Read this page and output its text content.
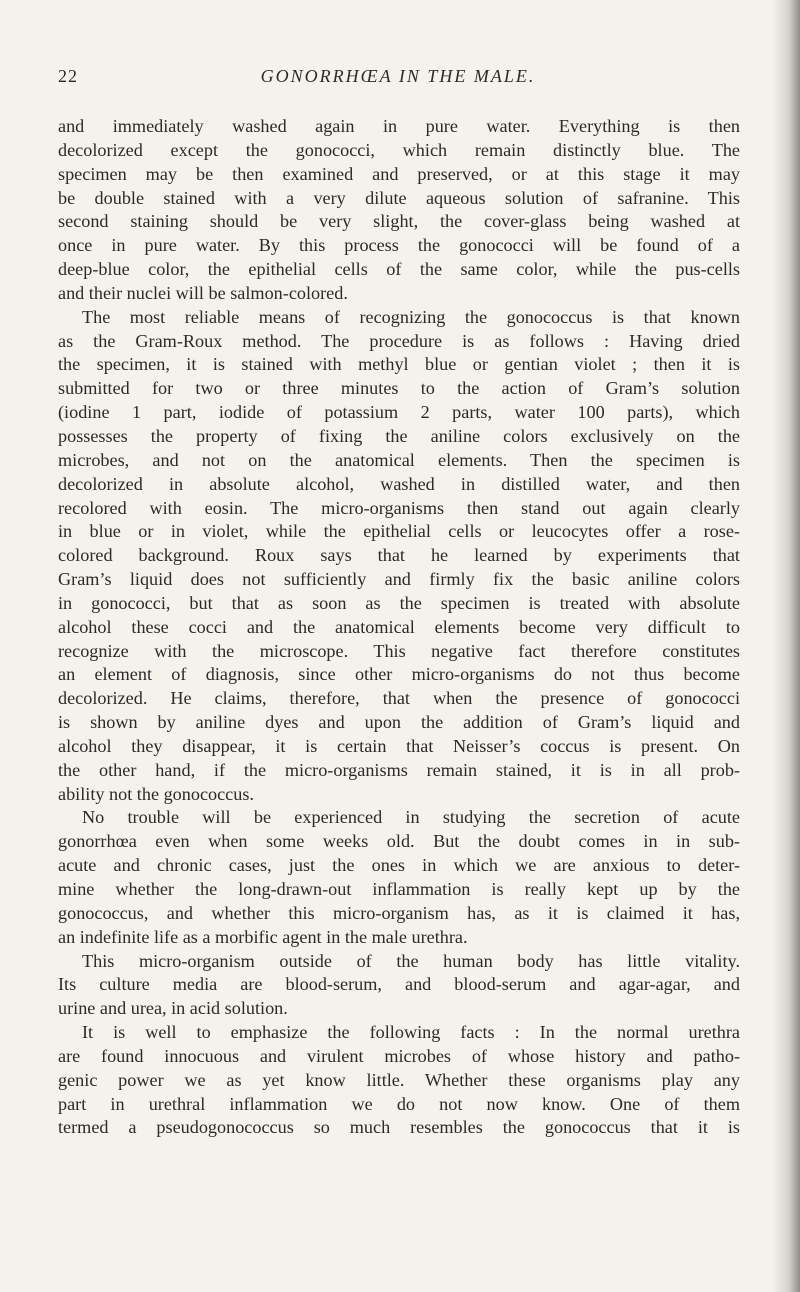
22	GONORRHŒA IN THE MALE.
and immediately washed again in pure water. Everything is then
decolorized except the gonococci, which remain distinctly blue. The
specimen may be then examined and preserved, or at this stage it may
be double stained with a very dilute aqueous solution of safranine. This
second staining should be very slight, the cover-glass being washed at
once in pure water. By this process the gonococci will be found of a
deep-blue color, the epithelial cells of the same color, while the pus-cells
and their nuclei will be salmon-colored.
The most reliable means of recognizing the gonococcus is that known
as the Gram-Roux method. The procedure is as follows : Having dried
the specimen, it is stained with methyl blue or gentian violet ; then it is
submitted for two or three minutes to the action of Gram’s solution
(iodine 1 part, iodide of potassium 2 parts, water 100 parts), which
possesses the property of fixing the aniline colors exclusively on the
microbes, and not on the anatomical elements. Then the specimen is
decolorized in absolute alcohol, washed in distilled water, and then
recolored with eosin. The micro-organisms then stand out again clearly
in blue or in violet, while the epithelial cells or leucocytes offer a rose-
colored background. Roux says that he learned by experiments that
Gram’s liquid does not sufficiently and firmly fix the basic aniline colors
in gonococci, but that as soon as the specimen is treated with absolute
alcohol these cocci and the anatomical elements become very difficult to
recognize with the microscope. This negative fact therefore constitutes
an element of diagnosis, since other micro-organisms do not thus become
decolorized. He claims, therefore, that when the presence of gonococci
is shown by aniline dyes and upon the addition of Gram’s liquid and
alcohol they disappear, it is certain that Neisser’s coccus is present. On
the other hand, if the micro-organisms remain stained, it is in all prob-
ability not the gonococcus.
No trouble will be experienced in studying the secretion of acute
gonorrhœa even when some weeks old. But the doubt comes in in sub-
acute and chronic cases, just the ones in which we are anxious to deter-
mine whether the long-drawn-out inflammation is really kept up by the
gonococcus, and whether this micro-organism has, as it is claimed it has,
an indefinite life as a morbific agent in the male urethra.
This micro-organism outside of the human body has little vitality.
Its culture media are blood-serum, and blood-serum and agar-agar, and
urine and urea, in acid solution.
It is well to emphasize the following facts : In the normal urethra
are found innocuous and virulent microbes of whose history and patho-
genic power we as yet know little. Whether these organisms play any
part in urethral inflammation we do not now know. One of them
termed a pseudogonococcus so much resembles the gonococcus that it is
